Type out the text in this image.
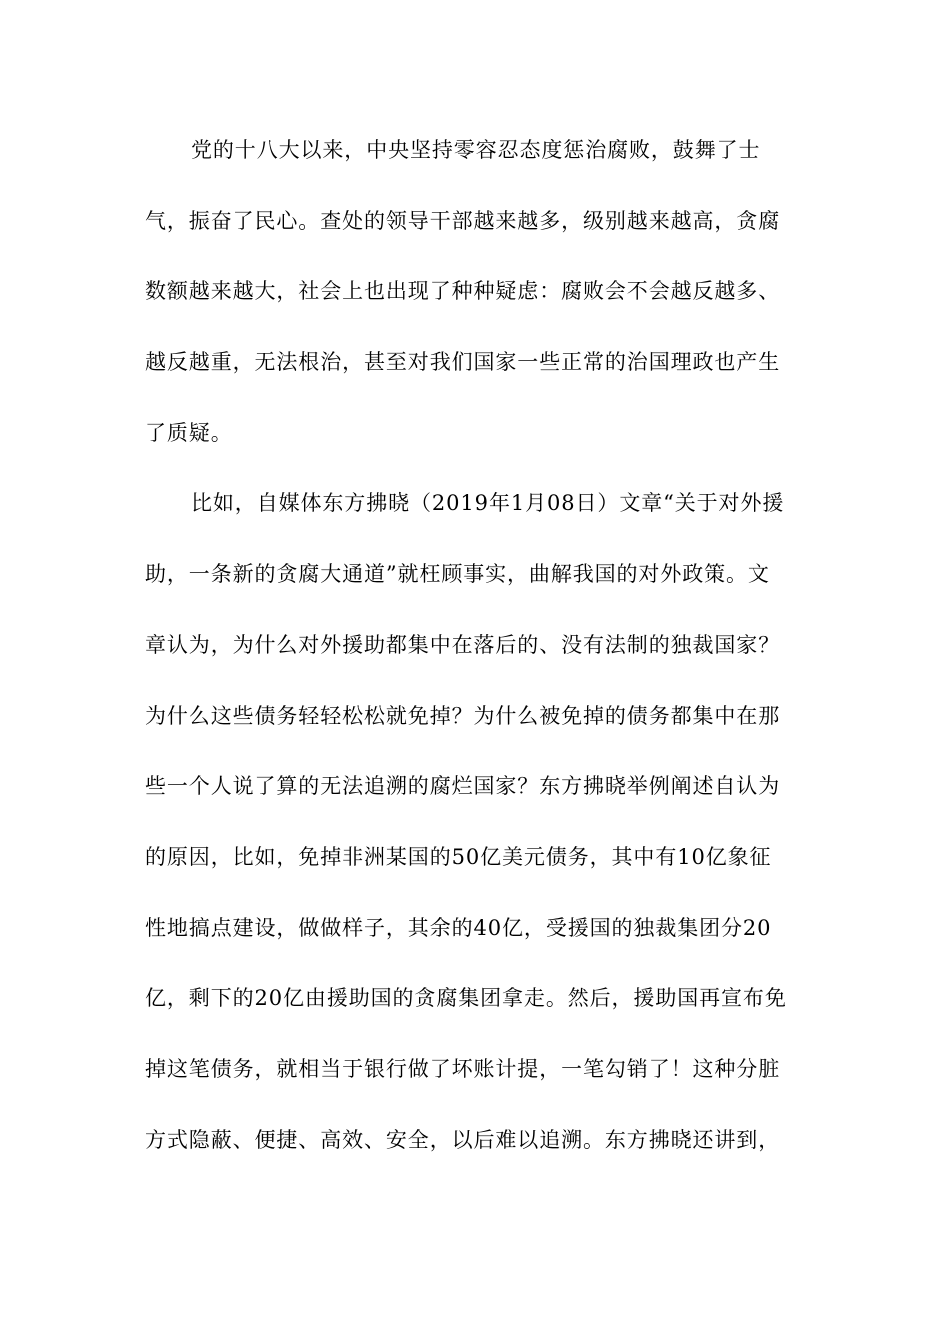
党的十八大以来，中央坚持零容忍态度惩治腐败，鼓舞了士
气，振奋了民心。查处的领导干部越来越多，级别越来越高，贪腐
数额越来越大，社会上也出现了种种疑虑：腐败会不会越反越多、
越反越重，无法根治，甚至对我们国家一些正常的治国理政也产生
了质疑。
比如，自媒体东方拂晓（2019年1月08日）文章“关于对外援
助，一条新的贪腐大通道”就枉顾事实，曲解我国的对外政策。文
章认为，为什么对外援助都集中在落后的、没有法制的独裁国家？
为什么这些债务轻轻松松就免掉？为什么被免掉的债务都集中在那
些一个人说了算的无法追溯的腐烂国家？东方拂晓举例阐述自认为
的原因，比如，免掉非洲某国的50亿美元债务，其中有10亿象征
性地搞点建设，做做样子，其余的40亿，受援国的独裁集团分20
亿，剩下的20亿由援助国的贪腐集团拿走。然后，援助国再宣布免
掉这笔债务，就相当于银行做了坏账计提，一笔勾销了！这种分脏
方式隐蔽、便捷、高效、安全，以后难以追溯。东方拂晓还讲到，
